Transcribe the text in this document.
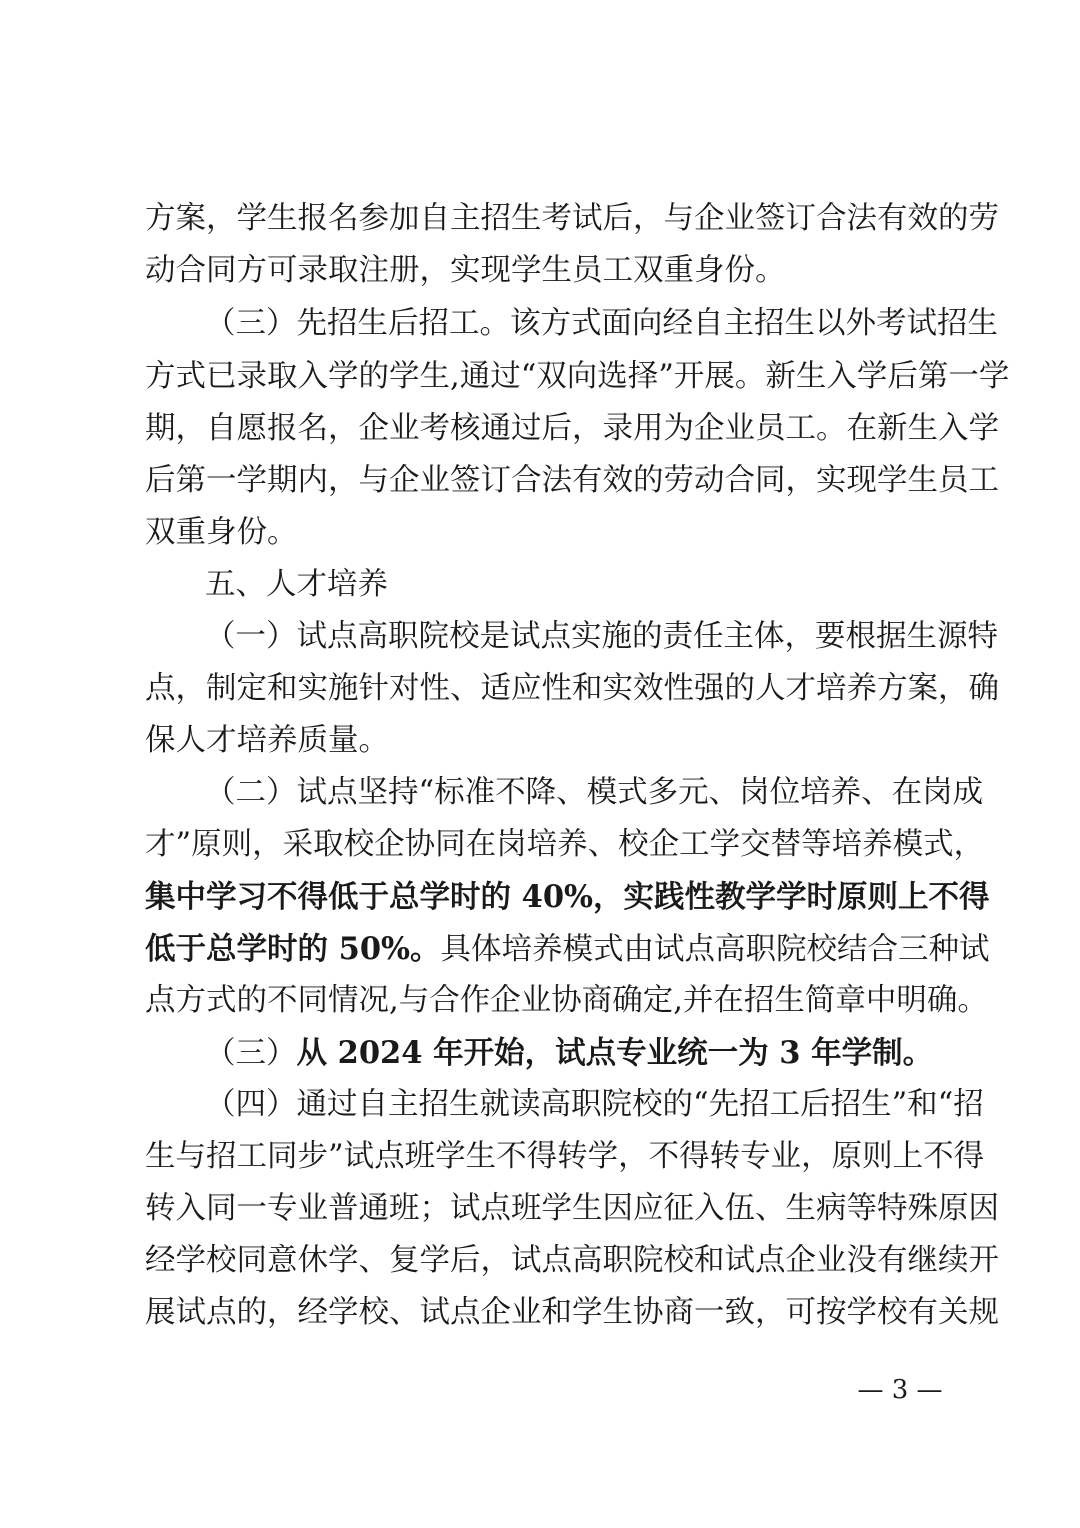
方案，学生报名参加自主招生考试后，与企业签订合法有效的劳
动合同方可录取注册，实现学生员工双重身份。
（三）先招生后招工。该方式面向经自主招生以外考试招生
方式已录取入学的学生,通过“双向选择”开展。新生入学后第一学
期，自愿报名，企业考核通过后，录用为企业员工。在新生入学
后第一学期内，与企业签订合法有效的劳动合同，实现学生员工
双重身份。
五、人才培养
（一）试点高职院校是试点实施的责任主体，要根据生源特
点，制定和实施针对性、适应性和实效性强的人才培养方案，确
保人才培养质量。
（二）试点坚持“标准不降、模式多元、岗位培养、在岗成
才”原则，采取校企协同在岗培养、校企工学交替等培养模式，
集中学习不得低于总学时的 40%，实践性教学学时原则上不得
低于总学时的 50%。具体培养模式由试点高职院校结合三种试
点方式的不同情况,与合作企业协商确定,并在招生简章中明确。
（三）从 2024 年开始，试点专业统一为 3 年学制。
（四）通过自主招生就读高职院校的“先招工后招生”和“招
生与招工同步”试点班学生不得转学，不得转专业，原则上不得
转入同一专业普通班；试点班学生因应征入伍、生病等特殊原因
经学校同意休学、复学后，试点高职院校和试点企业没有继续开
展试点的，经学校、试点企业和学生协商一致，可按学校有关规
— 3 —
